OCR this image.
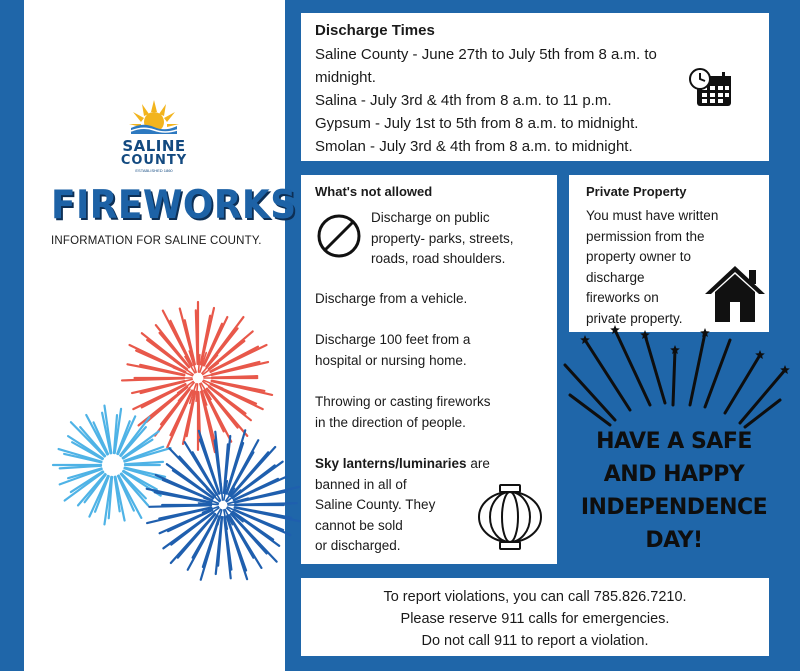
SALINE
COUNTY
ESTABLISHED 1860
FIREWORKS
INFORMATION FOR SALINE COUNTY.
Discharge Times
Saline County - June 27th to July 5th from 8 a.m. to
midnight.
Salina - July 3rd & 4th from 8 a.m. to 11 p.m.
Gypsum - July 1st to 5th from 8 a.m. to midnight.
Smolan - July 3rd & 4th from 8 a.m. to midnight.
What's not allowed
Discharge on public
property- parks, streets,
roads, road shoulders.
Discharge from a vehicle.
Discharge 100 feet from a
hospital or nursing home.
Throwing or casting fireworks
in the direction of people.
Sky lanterns/luminaries are
banned in all of
Saline County. They
cannot be sold
or discharged.
Private Property
You must have written
permission from the
property owner to
discharge
fireworks on
private property.
HAVE A SAFE
AND HAPPY
INDEPENDENCE
DAY!
To report violations, you can call 785.826.7210.
Please reserve 911 calls for emergencies.
Do not call 911 to report a violation.
